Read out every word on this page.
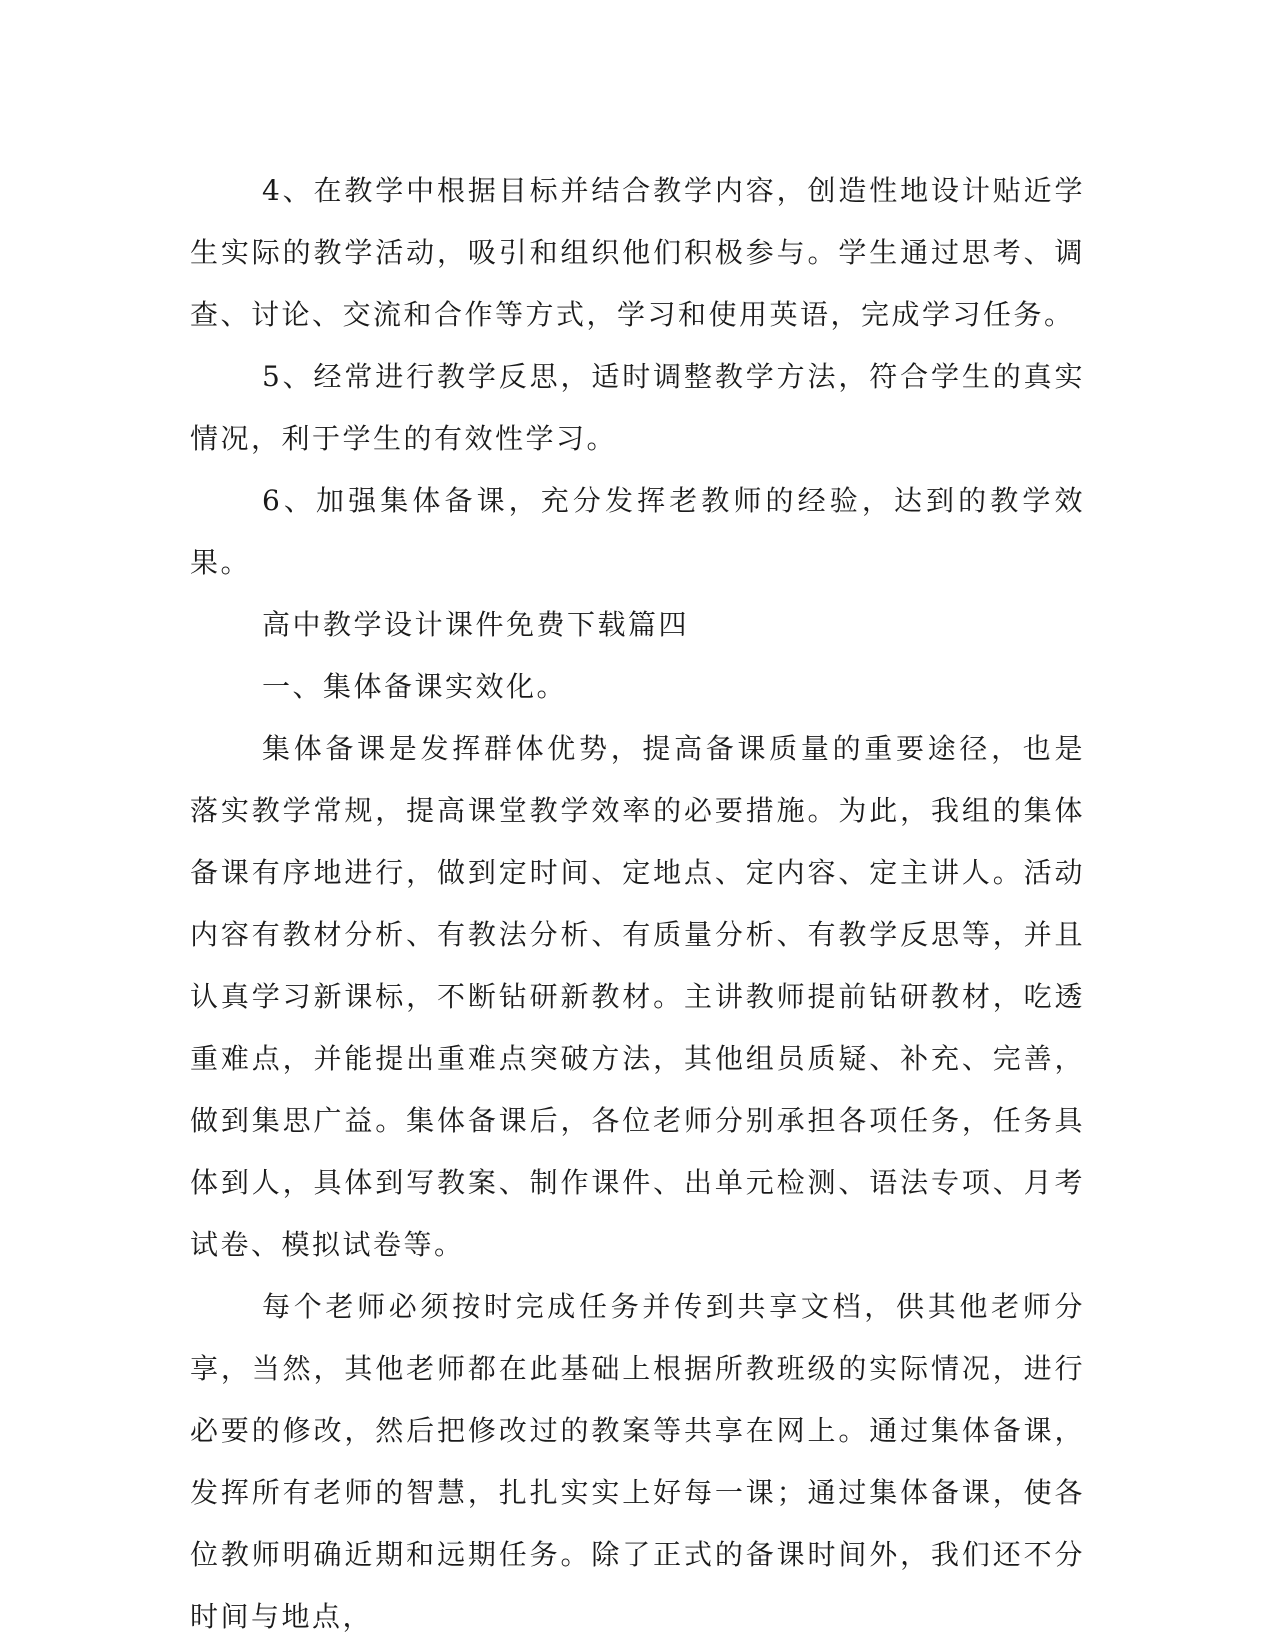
4、在教学中根据目标并结合教学内容，创造性地设计贴近学生实际的教学活动，吸引和组织他们积极参与。学生通过思考、调查、讨论、交流和合作等方式，学习和使用英语，完成学习任务。

5、经常进行教学反思，适时调整教学方法，符合学生的真实情况，利于学生的有效性学习。

6、加强集体备课，充分发挥老教师的经验，达到的教学效果。

高中教学设计课件免费下载篇四

一、集体备课实效化。

集体备课是发挥群体优势，提高备课质量的重要途径，也是落实教学常规，提高课堂教学效率的必要措施。为此，我组的集体备课有序地进行，做到定时间、定地点、定内容、定主讲人。活动内容有教材分析、有教法分析、有质量分析、有教学反思等，并且认真学习新课标，不断钻研新教材。主讲教师提前钻研教材，吃透重难点，并能提出重难点突破方法，其他组员质疑、补充、完善，做到集思广益。集体备课后，各位老师分别承担各项任务，任务具体到人，具体到写教案、制作课件、出单元检测、语法专项、月考试卷、模拟试卷等。

每个老师必须按时完成任务并传到共享文档，供其他老师分享，当然，其他老师都在此基础上根据所教班级的实际情况，进行必要的修改，然后把修改过的教案等共享在网上。通过集体备课，发挥所有老师的智慧，扎扎实实上好每一课；通过集体备课，使各位教师明确近期和远期任务。除了正式的备课时间外，我们还不分时间与地点，
